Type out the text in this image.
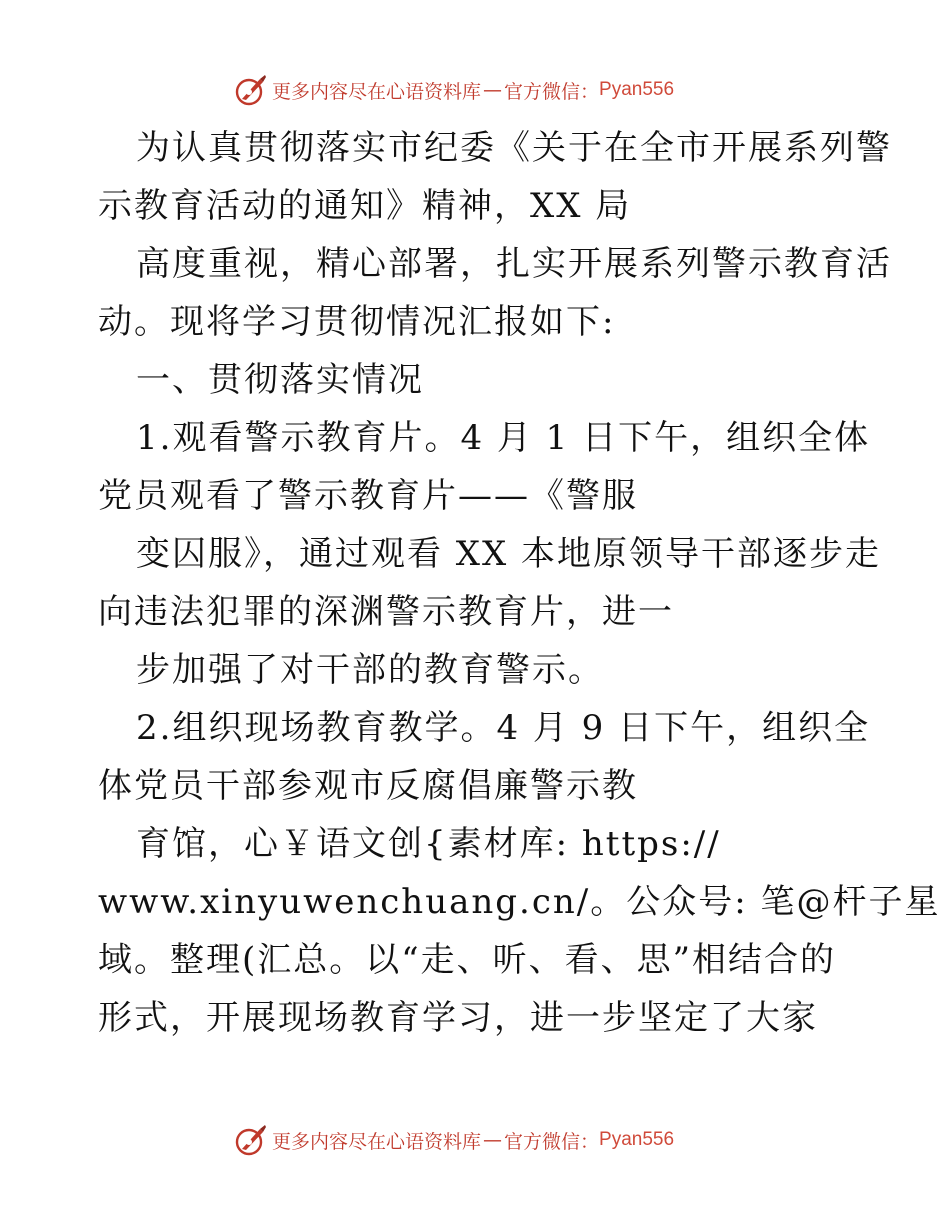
更多内容尽在心语资料库 — 官方微信： Pyan556
为认真贯彻落实市纪委《关于在全市开展系列警
示教育活动的通知》精神，XX 局
高度重视，精心部署，扎实开展系列警示教育活
动。现将学习贯彻情况汇报如下:
一、贯彻落实情况
1.观看警示教育片。4 月 1 日下午，组织全体
党员观看了警示教育片——《警服
变囚服》，通过观看 XX 本地原领导干部逐步走
向违法犯罪的深渊警示教育片，进一
步加强了对干部的教育警示。
2.组织现场教育教学。4 月 9 日下午，组织全
体党员干部参观市反腐倡廉警示教
育馆，心￥语文创{素材库: https://
www.xinyuwenchuang.cn/。公众号: 笔@杆子星
域。整理(汇总。以“走、听、看、思”相结合的
形式，开展现场教育学习，进一步坚定了大家
更多内容尽在心语资料库 — 官方微信： Pyan556
